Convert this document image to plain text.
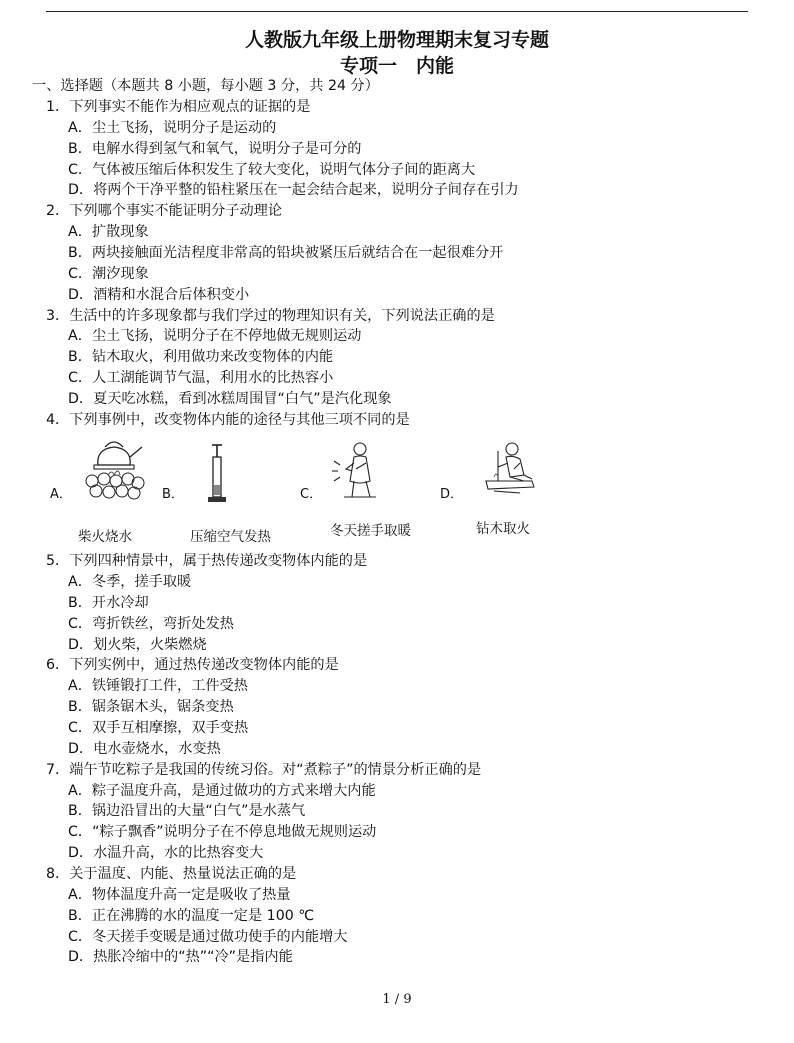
人教版九年级上册物理期末复习专题
专项一　内能
一、选择题（本题共 8 小题，每小题 3 分，共 24 分）
1．下列事实不能作为相应观点的证据的是
A．尘土飞扬，说明分子是运动的
B．电解水得到氢气和氧气，说明分子是可分的
C．气体被压缩后体积发生了较大变化，说明气体分子间的距离大
D．将两个干净平整的铅柱紧压在一起会结合起来，说明分子间存在引力
2．下列哪个事实不能证明分子动理论
A．扩散现象
B．两块接触面光洁程度非常高的铅块被紧压后就结合在一起很难分开
C．潮汐现象
D．酒精和水混合后体积变小
3．生活中的许多现象都与我们学过的物理知识有关，下列说法正确的是
A．尘土飞扬，说明分子在不停地做无规则运动
B．钻木取火，利用做功来改变物体的内能
C．人工湖能调节气温，利用水的比热容小
D．夏天吃冰糕，看到冰糕周围冒“白气”是汽化现象
4．下列事例中，改变物体内能的途径与其他三项不同的是
A．
柴火烧水
B．
压缩空气发热
C．
冬天搓手取暖
D．
钻木取火
5．下列四种情景中，属于热传递改变物体内能的是
A．冬季，搓手取暖
B．开水冷却
C．弯折铁丝，弯折处发热
D．划火柴，火柴燃烧
6．下列实例中，通过热传递改变物体内能的是
A．铁锤锻打工件，工件受热
B．锯条锯木头，锯条变热
C．双手互相摩擦，双手变热
D．电水壶烧水，水变热
7．端午节吃粽子是我国的传统习俗。对“煮粽子”的情景分析正确的是
A．粽子温度升高，是通过做功的方式来增大内能
B．锅边沿冒出的大量“白气”是水蒸气
C．“粽子飘香”说明分子在不停息地做无规则运动
D．水温升高，水的比热容变大
8．关于温度、内能、热量说法正确的是
A．物体温度升高一定是吸收了热量
B．正在沸腾的水的温度一定是 100 ℃
C．冬天搓手变暖是通过做功使手的内能增大
D．热胀冷缩中的“热”“冷”是指内能
1 / 9
